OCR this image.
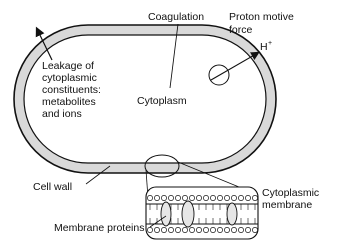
Coagulation Proton motive
force
H +
Leakage of
cytoplasmic
constituents:
metabolites
and ions
Cytoplasm
Cell wall	Cytoplasmic
membrane
Membrane proteins
